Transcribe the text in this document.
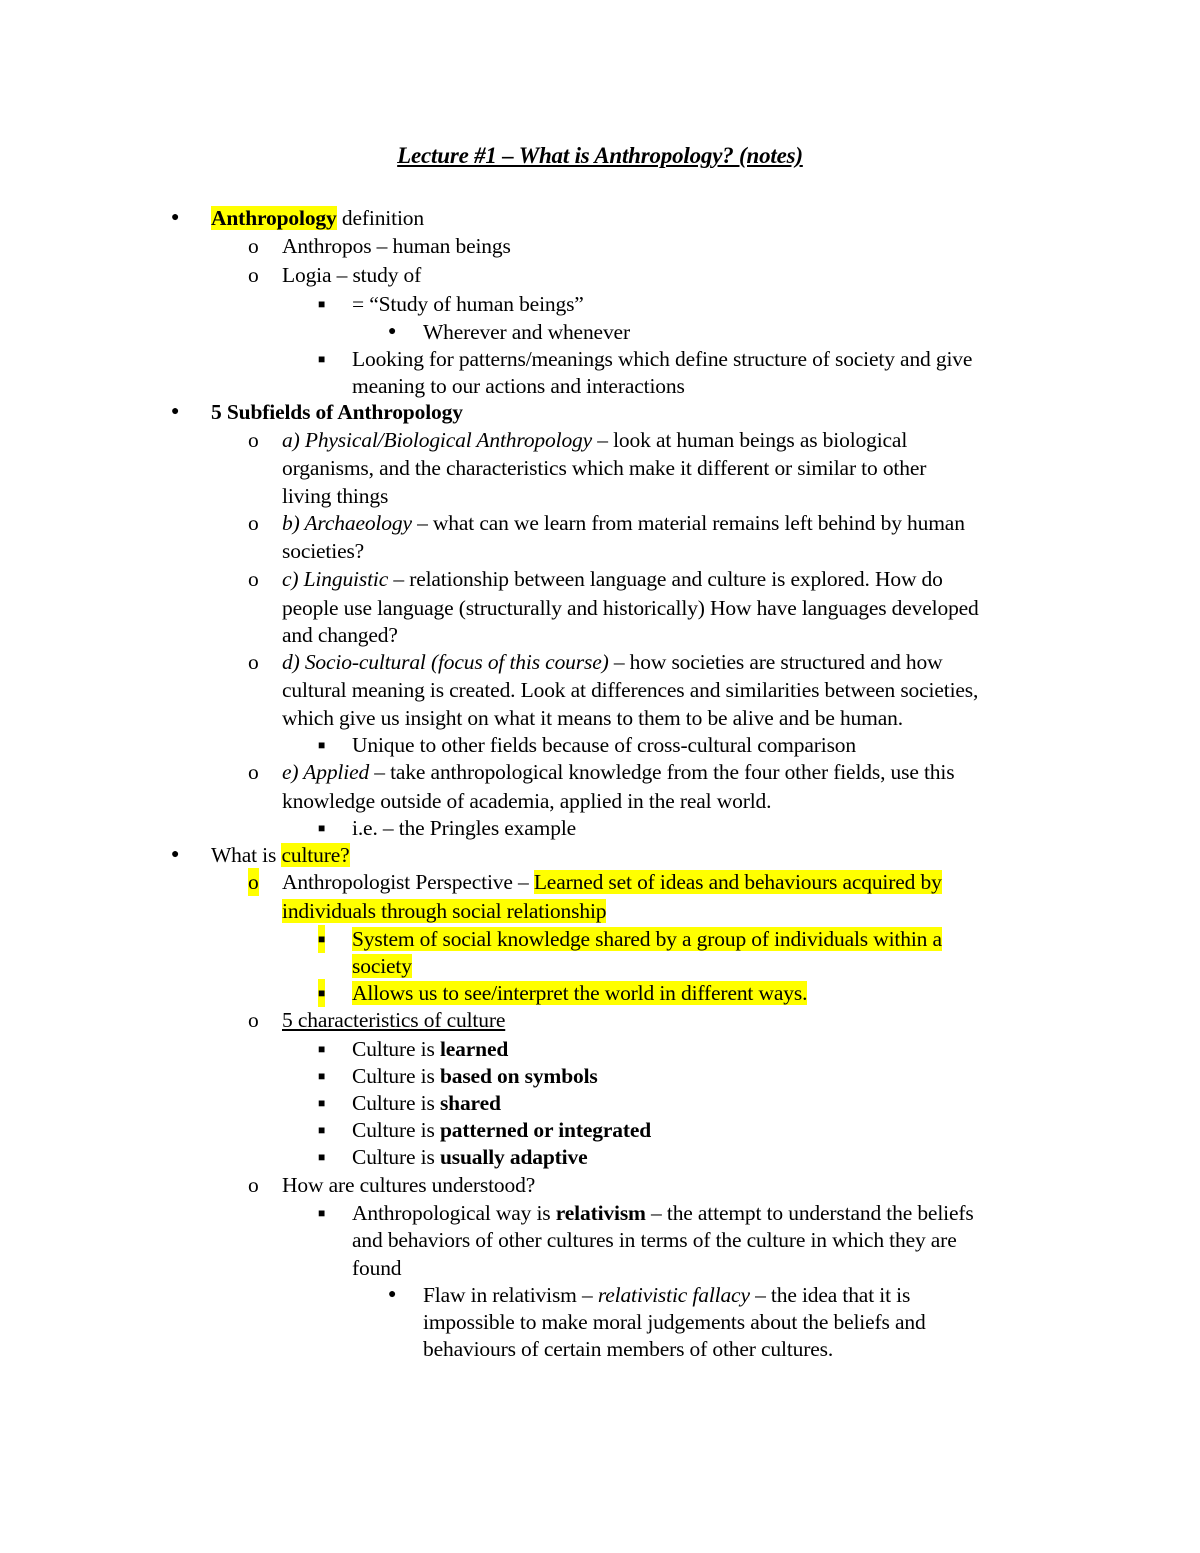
Lecture #1 – What is Anthropology? (notes)
● Anthropology definition
o Anthropos – human beings
o Logia – study of
■ = “Study of human beings”
● Wherever and whenever
■ Looking for patterns/meanings which define structure of society and give
meaning to our actions and interactions
● 5 Subfields of Anthropology
o a) Physical/Biological Anthropology – look at human beings as biological
organisms, and the characteristics which make it different or similar to other
living things
o b) Archaeology – what can we learn from material remains left behind by human
societies?
o c) Linguistic – relationship between language and culture is explored. How do
people use language (structurally and historically) How have languages developed
and changed?
o d) Socio-cultural (focus of this course) – how societies are structured and how
cultural meaning is created. Look at differences and similarities between societies,
which give us insight on what it means to them to be alive and be human.
■ Unique to other fields because of cross-cultural comparison
o e) Applied – take anthropological knowledge from the four other fields, use this
knowledge outside of academia, applied in the real world.
■ i.e. – the Pringles example
● What is culture?
o Anthropologist Perspective – Learned set of ideas and behaviours acquired by
individuals through social relationship
■ System of social knowledge shared by a group of individuals within a
society
■ Allows us to see/interpret the world in different ways.
o 5 characteristics of culture
■ Culture is learned
■ Culture is based on symbols
■ Culture is shared
■ Culture is patterned or integrated
■ Culture is usually adaptive
o How are cultures understood?
■ Anthropological way is relativism – the attempt to understand the beliefs
and behaviors of other cultures in terms of the culture in which they are
found
● Flaw in relativism – relativistic fallacy – the idea that it is
impossible to make moral judgements about the beliefs and
behaviours of certain members of other cultures.
